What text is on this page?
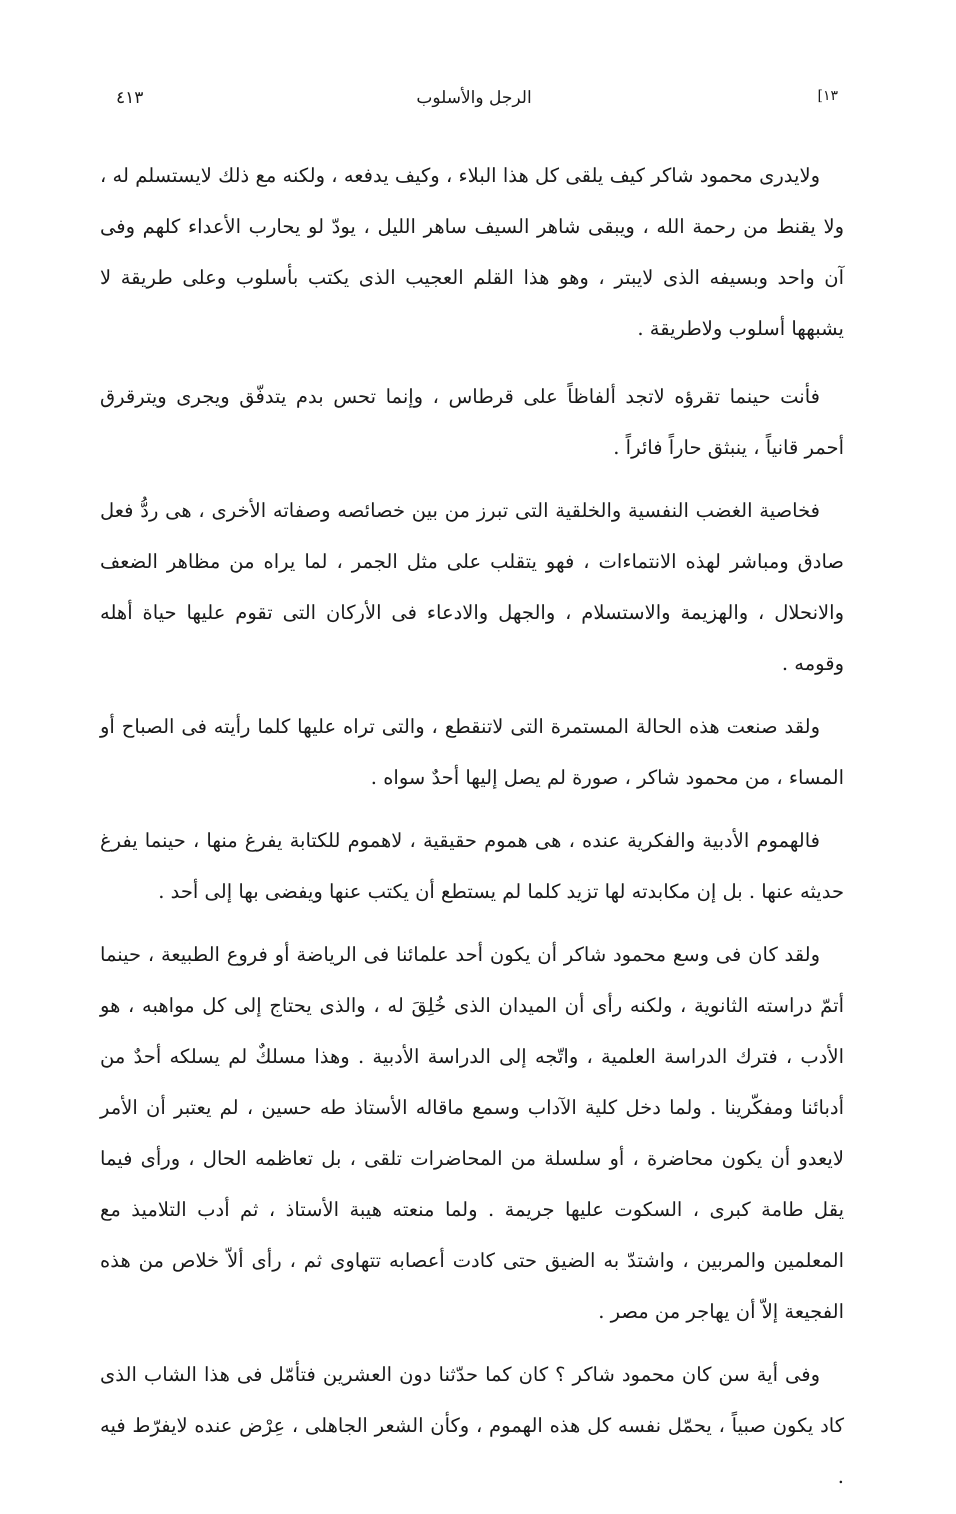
[١٣
الرجل والأسلوب
٤١٣

ولايدرى محمود شاكر كيف يلقى كل هذا البلاء ، وكيف يدفعه ، ولكنه مع ذلك لايستسلم له ، ولا يقنط من رحمة الله ، ويبقى شاهر السيف ساهر الليل ، يودّ لو يحارب الأعداء كلهم وفى آن واحد وبسيفه الذى لايبتر ، وهو هذا القلم العجيب الذى يكتب بأسلوب وعلى طريقة لا يشبهها أسلوب ولاطريقة .

فأنت حينما تقرؤه لاتجد ألفاظاً على قرطاس ، وإنما تحس بدم يتدفّق ويجرى ويترقرق أحمر قانياً ، ينبثق حاراً فائراً .

فخاصية الغضب النفسية والخلقية التى تبرز من بين خصائصه وصفاته الأخرى ، هى ردُّ فعل صادق ومباشر لهذه الانتماءات ، فهو يتقلب على مثل الجمر ، لما يراه من مظاهر الضعف والانحلال ، والهزيمة والاستسلام ، والجهل والادعاء فى الأركان التى تقوم عليها حياة أهله وقومه .

ولقد صنعت هذه الحالة المستمرة التى لاتنقطع ، والتى تراه عليها كلما رأيته فى الصباح أو المساء ، من محمود شاكر ، صورة لم يصل إليها أحدٌ سواه .

فالهموم الأدبية والفكرية عنده ، هى هموم حقيقية ، لاهموم للكتابة يفرغ منها ، حينما يفرغ حديثه عنها . بل إن مكابدته لها تزيد كلما لم يستطع أن يكتب عنها ويفضى بها إلى أحد .

ولقد كان فى وسع محمود شاكر أن يكون أحد علمائنا فى الرياضة أو فروع الطبيعة ، حينما أتمّ دراسته الثانوية ، ولكنه رأى أن الميدان الذى خُلِقَ له ، والذى يحتاج إلى كل مواهبه ، هو الأدب ، فترك الدراسة العلمية ، واتّجه إلى الدراسة الأدبية . وهذا مسلكٌ لم يسلكه أحدٌ من أدبائنا ومفكّرينا . ولما دخل كلية الآداب وسمع ماقاله الأستاذ طه حسين ، لم يعتبر أن الأمر لايعدو أن يكون محاضرة ، أو سلسلة من المحاضرات تلقى ، بل تعاظمه الحال ، ورأى فيما يقل طامة كبرى ، السكوت عليها جريمة . ولما منعته هيبة الأستاذ ، ثم أدب التلاميذ مع المعلمين والمربين ، واشتدّ به الضيق حتى كادت أعصابه تتهاوى ثم ، رأى ألاّ خلاص من هذه الفجيعة إلاّ أن يهاجر من مصر .

وفى أية سن كان محمود شاكر ؟ كان كما حدّثنا دون العشرين فتأمّل فى هذا الشاب الذى كاد يكون صبياً ، يحمّل نفسه كل هذه الهموم ، وكأن الشعر الجاهلى ، عِرْض عنده لايفرّط فيه .
